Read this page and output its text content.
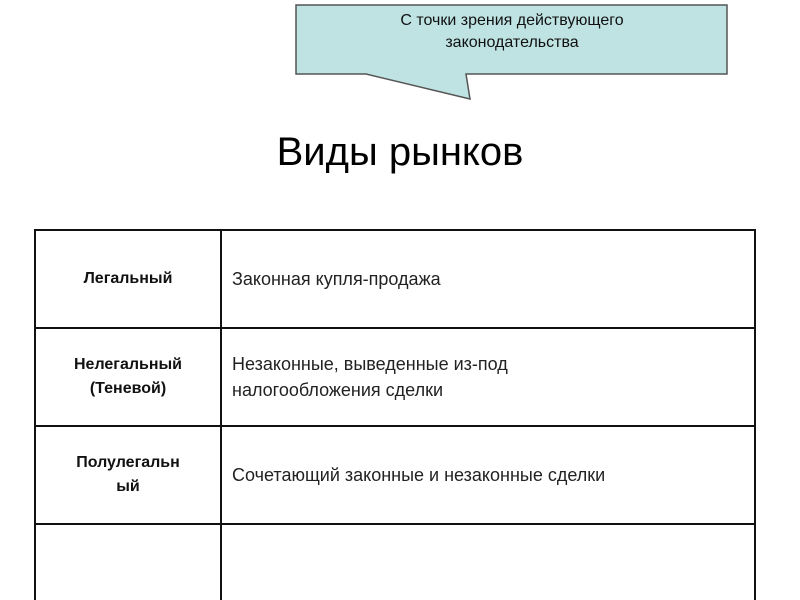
С точки зрения действующего
законодательства
Виды рынков
Легальный	Законная купля-продажа

Нелегальный
(Теневой)	Незаконные, выведенные из-под
налогообложения сделки

Полулегальн
ый	Сочетающий законные и незаконные сделки
